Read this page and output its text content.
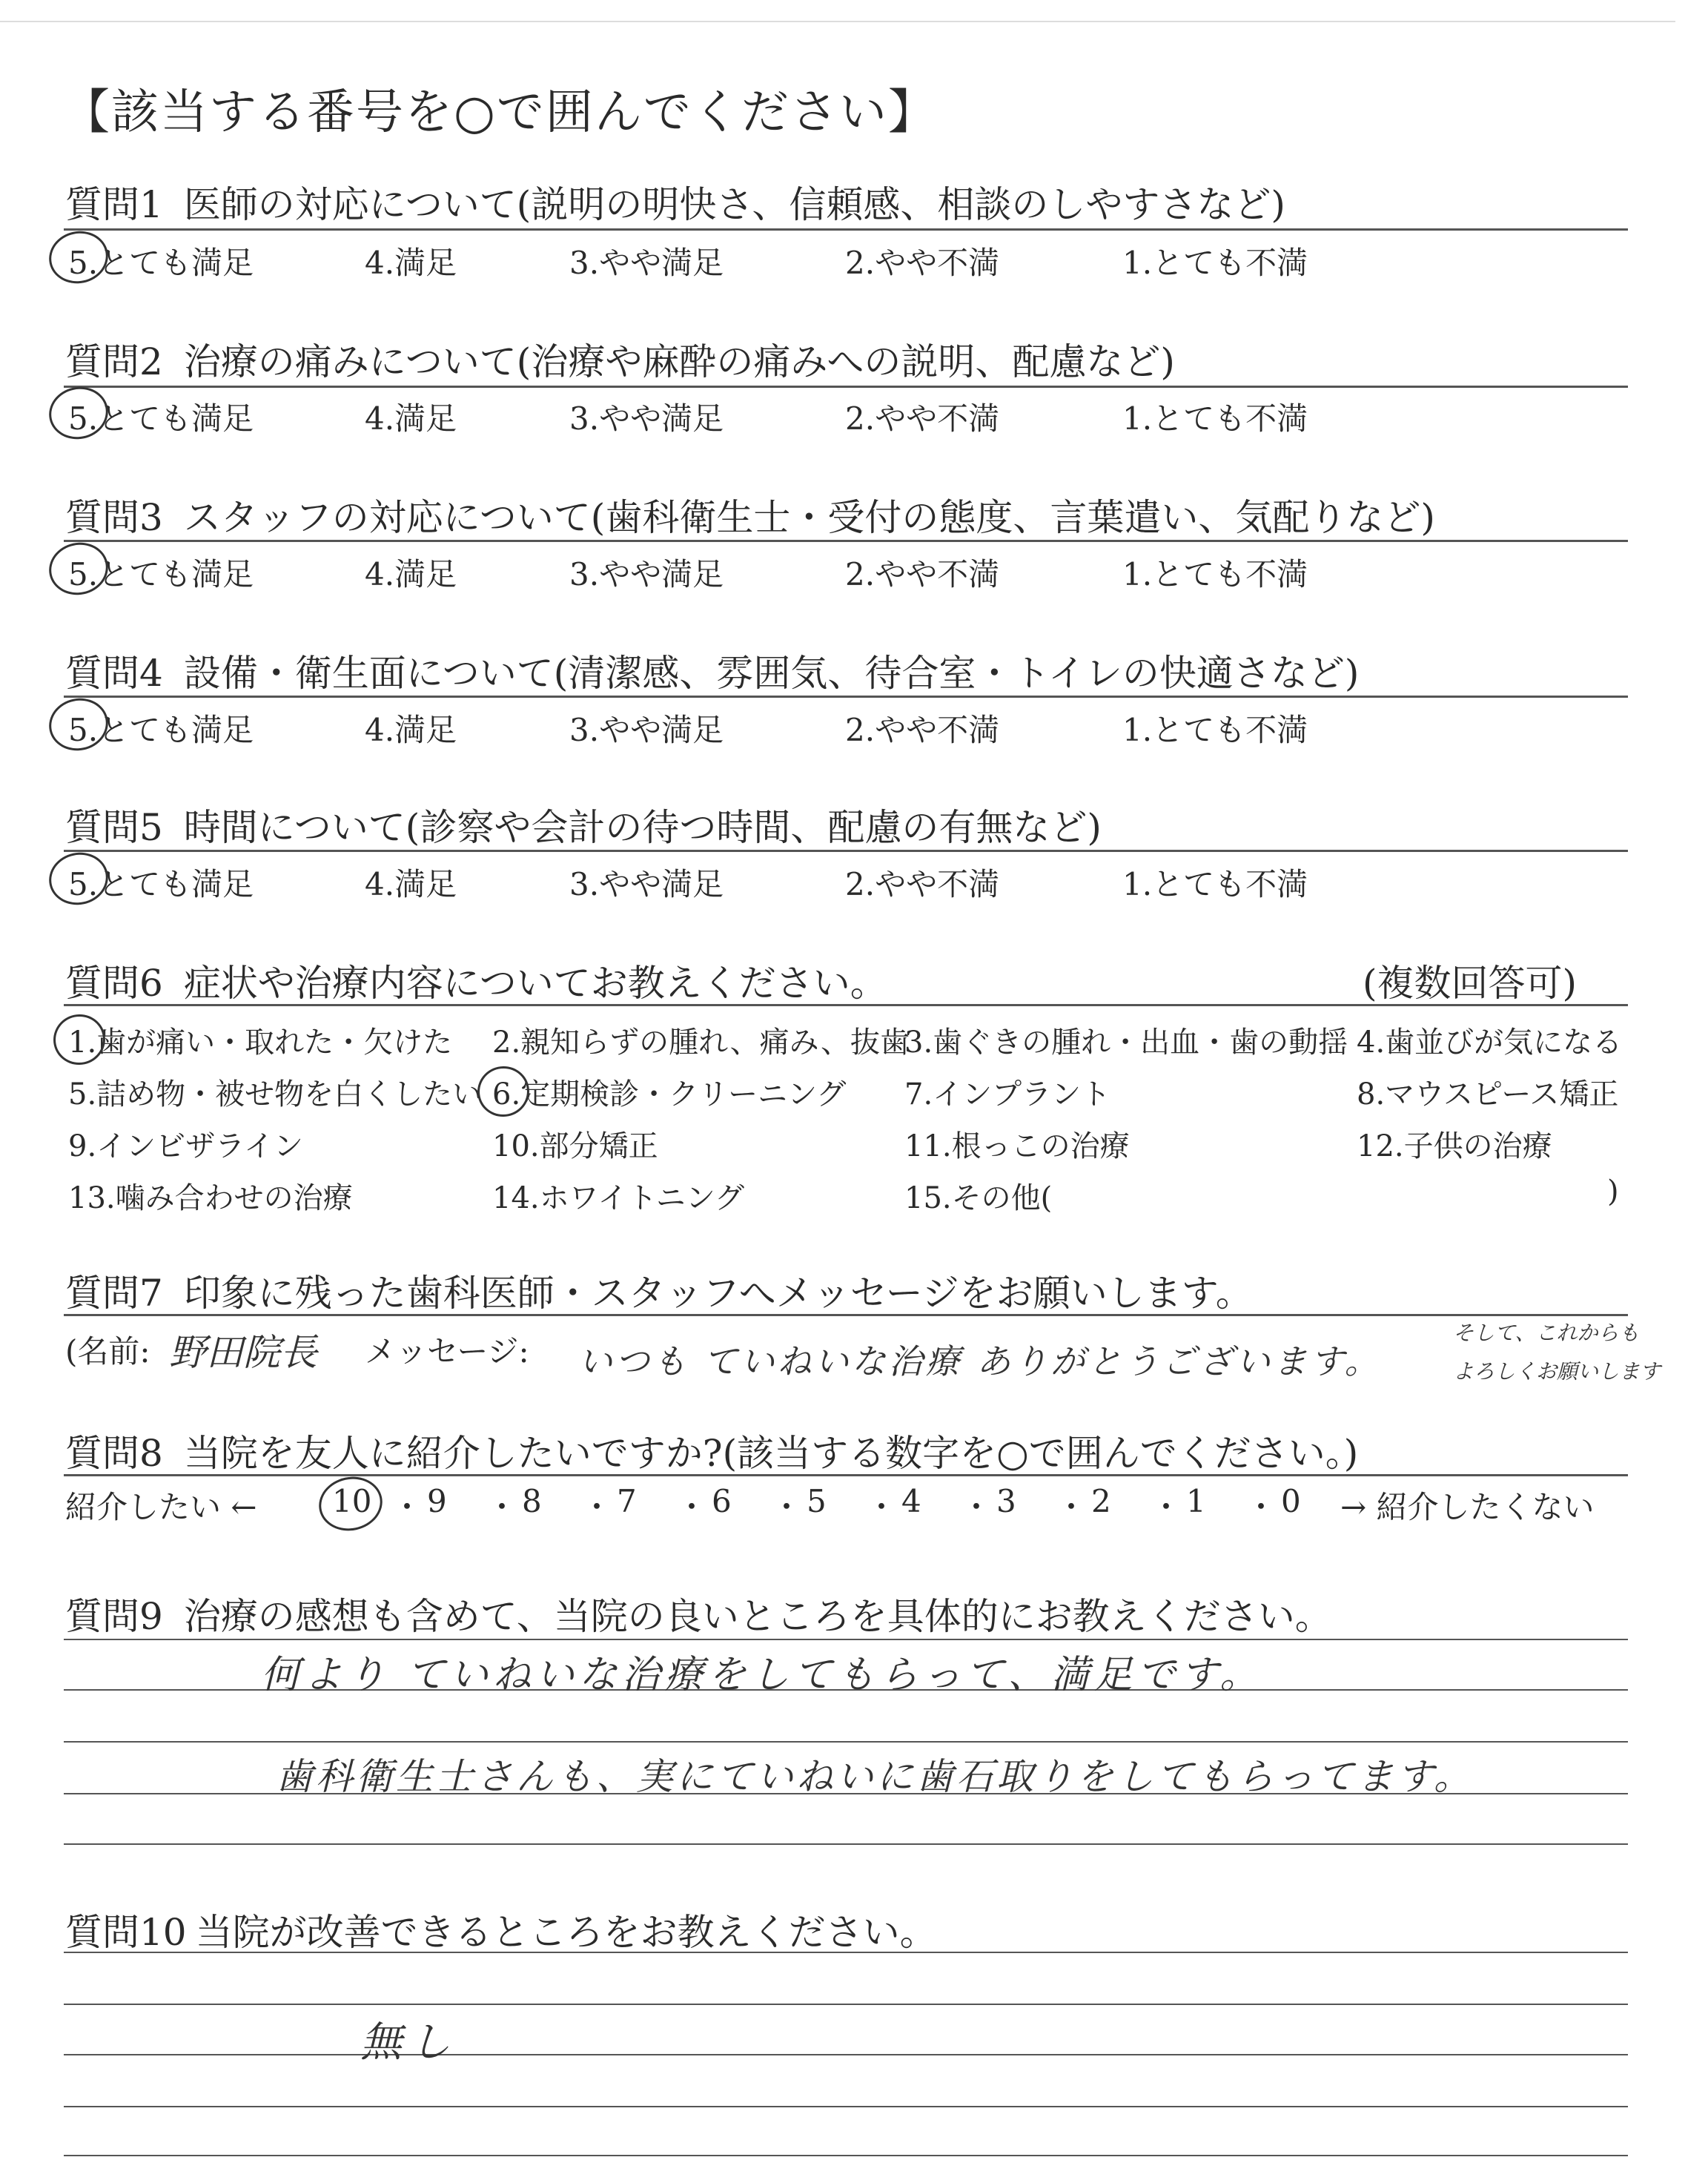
【該当する番号を○で囲んでください】
質問1 医師の対応について(説明の明快さ、信頼感、相談のしやすさなど)
5.とても満足	4.満足	3.やや満足	2.やや不満	1.とても不満
質問2 治療の痛みについて(治療や麻酔の痛みへの説明、配慮など)
5.とても満足	4.満足	3.やや満足	2.やや不満	1.とても不満
質問3 スタッフの対応について(歯科衛生士・受付の態度、言葉遣い、気配りなど)
5.とても満足	4.満足	3.やや満足	2.やや不満	1.とても不満
質問4 設備・衛生面について(清潔感、雰囲気、待合室・トイレの快適さなど)
5.とても満足	4.満足	3.やや満足	2.やや不満	1.とても不満
質問5 時間について(診察や会計の待つ時間、配慮の有無など)
5.とても満足	4.満足	3.やや満足	2.やや不満	1.とても不満
質問6 症状や治療内容についてお教えください。	(複数回答可)
1.歯が痛い・取れた・欠けた 2.親知らずの腫れ、痛み、抜歯
3.歯ぐきの腫れ・出血・歯の動揺 4.歯並びが気になる
5.詰め物・被せ物を白くしたい 6.定期検診・クリーニング 7.インプラント	8.マウスピース矯正
9.インビザライン	10.部分矯正	11.根っこの治療	12.子供の治療
13.噛み合わせの治療	14.ホワイトニング	15.その他(	)
質問7 印象に残った歯科医師・スタッフへメッセージをお願いします。
(名前: 野田院長 メッセージ: いつも ていねいな治療 ありがとうございます。
そして、これからも
よろしくお願いします
質問8 当院を友人に紹介したいですか?(該当する数字を○で囲んでください。)
紹介したい ←	→ 紹介したくない
10 ・ 9 ・ 8 ・ 7 ・ 6 ・ 5 ・ 4 ・ 3 ・ 2 ・ 1 ・ 0
質問9 治療の感想も含めて、当院の良いところを具体的にお教えください。
何より ていねいな治療をしてもらって、満足です。
歯科衛生士さんも、実にていねいに歯石取りをしてもらってます。
質問10 当院が改善できるところをお教えください。
無し
